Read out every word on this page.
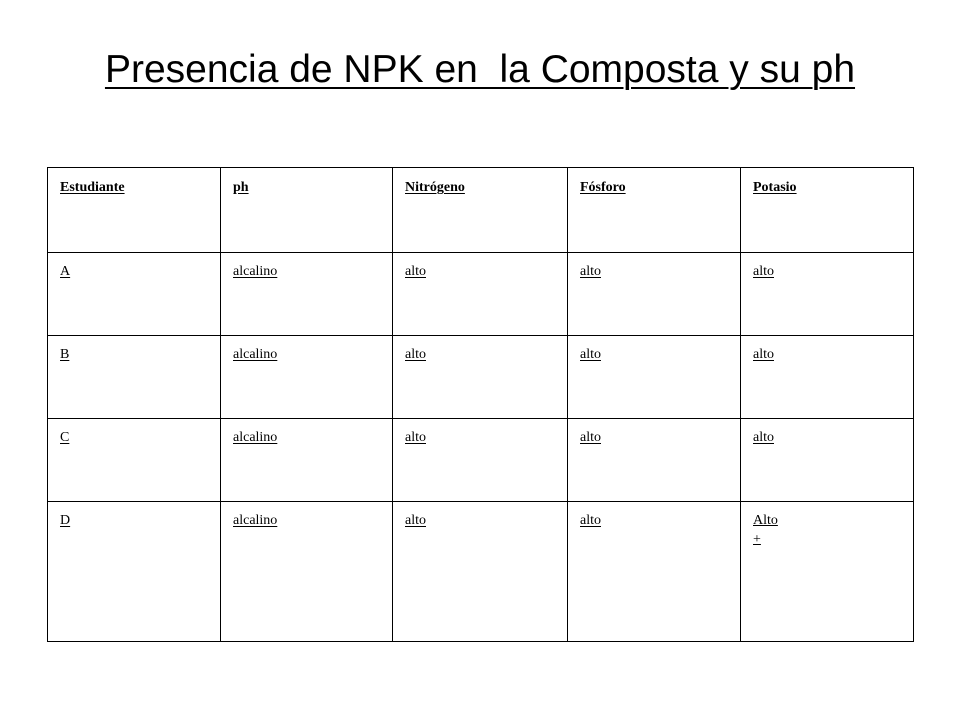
Presencia de NPK en  la Composta y su ph
Estudiante	ph	Nitrógeno	Fósforo	Potasio
A	alcalino	alto	alto	alto
B	alcalino	alto	alto	alto
C	alcalino	alto	alto	alto
D	alcalino	alto	alto	Alto
+
